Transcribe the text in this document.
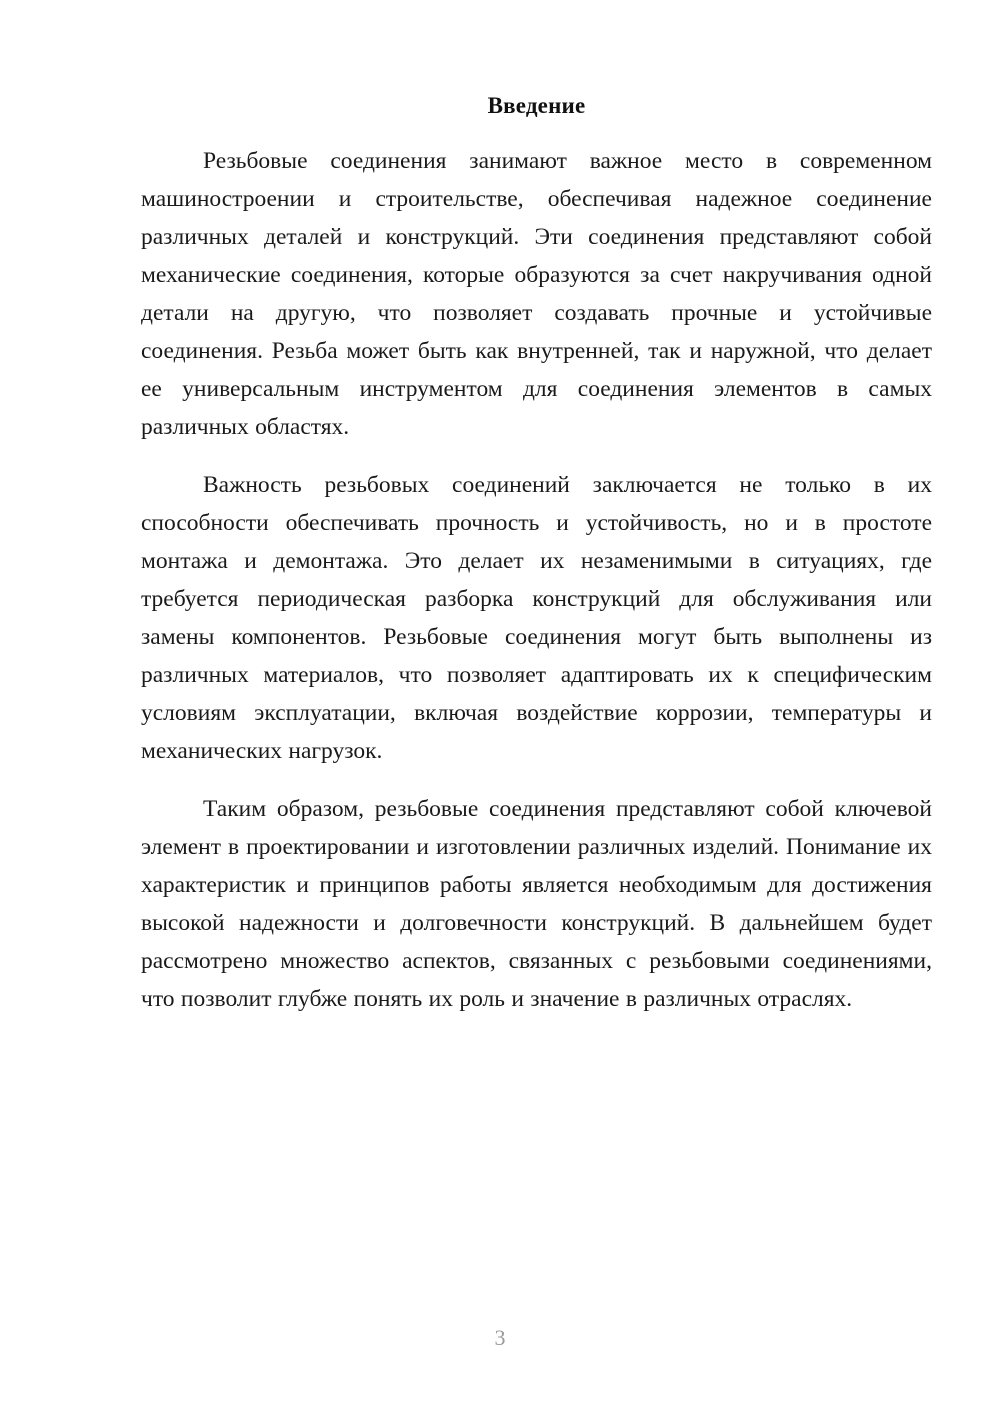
Введение

Резьбовые соединения занимают важное место в современном машиностроении и строительстве, обеспечивая надежное соединение различных деталей и конструкций. Эти соединения представляют собой механические соединения, которые образуются за счет накручивания одной детали на другую, что позволяет создавать прочные и устойчивые соединения. Резьба может быть как внутренней, так и наружной, что делает ее универсальным инструментом для соединения элементов в самых различных областях.

Важность резьбовых соединений заключается не только в их способности обеспечивать прочность и устойчивость, но и в простоте монтажа и демонтажа. Это делает их незаменимыми в ситуациях, где требуется периодическая разборка конструкций для обслуживания или замены компонентов. Резьбовые соединения могут быть выполнены из различных материалов, что позволяет адаптировать их к специфическим условиям эксплуатации, включая воздействие коррозии, температуры и механических нагрузок.

Таким образом, резьбовые соединения представляют собой ключевой элемент в проектировании и изготовлении различных изделий. Понимание их характеристик и принципов работы является необходимым для достижения высокой надежности и долговечности конструкций. В дальнейшем будет рассмотрено множество аспектов, связанных с резьбовыми соединениями, что позволит глубже понять их роль и значение в различных отраслях.

3
